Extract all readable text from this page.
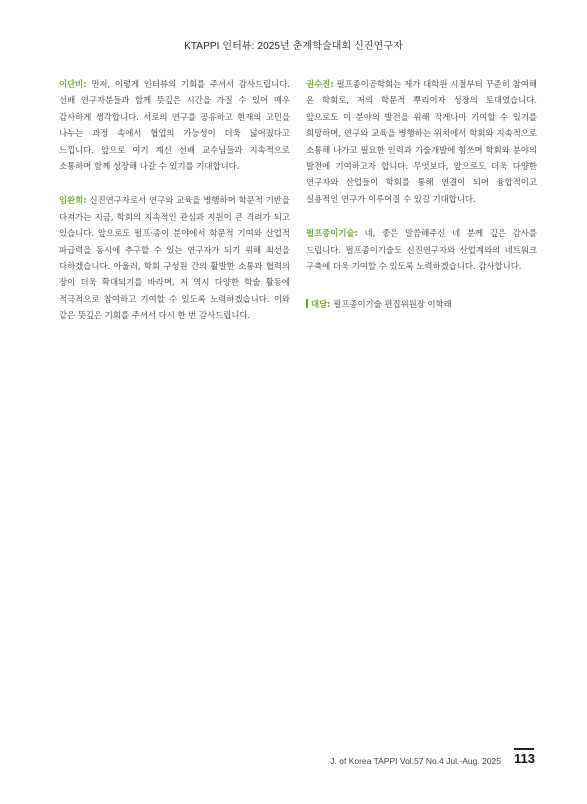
KTAPPI 인터뷰: 2025년 춘계학술대회 신진연구자

이단비: 먼저, 이렇게 인터뷰의 기회를 주셔서 감사드립니다. 선배 연구자분들과 함께 뜻깊은 시간을 가질 수 있어 매우 감사하게 생각합니다. 서로의 연구를 공유하고 현재의 고민을 나누는 과정 속에서 협업의 가능성이 더욱 넓어졌다고 느낍니다. 앞으로 여기 계신 선배 교수님들과 지속적으로 소통하며 함께 성장해 나갈 수 있기를 기대합니다.

임완희: 신진연구자로서 연구와 교육을 병행하며 학문적 기반을 다져가는 지금, 학회의 지속적인 관심과 지원이 큰 격려가 되고 있습니다. 앞으로도 펄프·종이 분야에서 학문적 기여와 산업적 파급력을 동시에 추구할 수 있는 연구자가 되기 위해 최선을 다하겠습니다. 아울러, 학회 구성원 간의 활발한 소통과 협력의 장이 더욱 확대되기를 바라며, 저 역시 다양한 학술 활동에 적극적으로 참여하고 기여할 수 있도록 노력하겠습니다. 이와 같은 뜻깊은 기회를 주셔서 다시 한 번 감사드립니다.

권수진: 펄프종이공학회는 제가 대학원 시절부터 꾸준히 참여해 온 학회로, 저의 학문적 뿌리이자 성장의 토대였습니다. 앞으로도 이 분야의 발전을 위해 작게나마 기여할 수 있기를 희망하며, 연구와 교육을 병행하는 위치에서 학회와 지속적으로 소통해 나가고 필요한 인력과 기술개발에 힘쓰며 학회와 분야의 발전에 기여하고자 합니다. 무엇보다, 앞으로도 더욱 다양한 연구자와 산업들이 학회를 통해 연결이 되어 융합적이고 실용적인 연구가 이루어질 수 있길 기대합니다.

펄프종이기술: 네, 좋은 말씀해주신 네 분께 깊은 감사를 드립니다. 펄프종이기술도 신진연구자와 산업계와의 네트워크 구축에 더욱 기여할 수 있도록 노력하겠습니다. 감사합니다.

대담: 펄프종이기술 편집위원장 이학래
J. of Korea TAPPI Vol.57 No.4 Jul.-Aug. 2025 113
